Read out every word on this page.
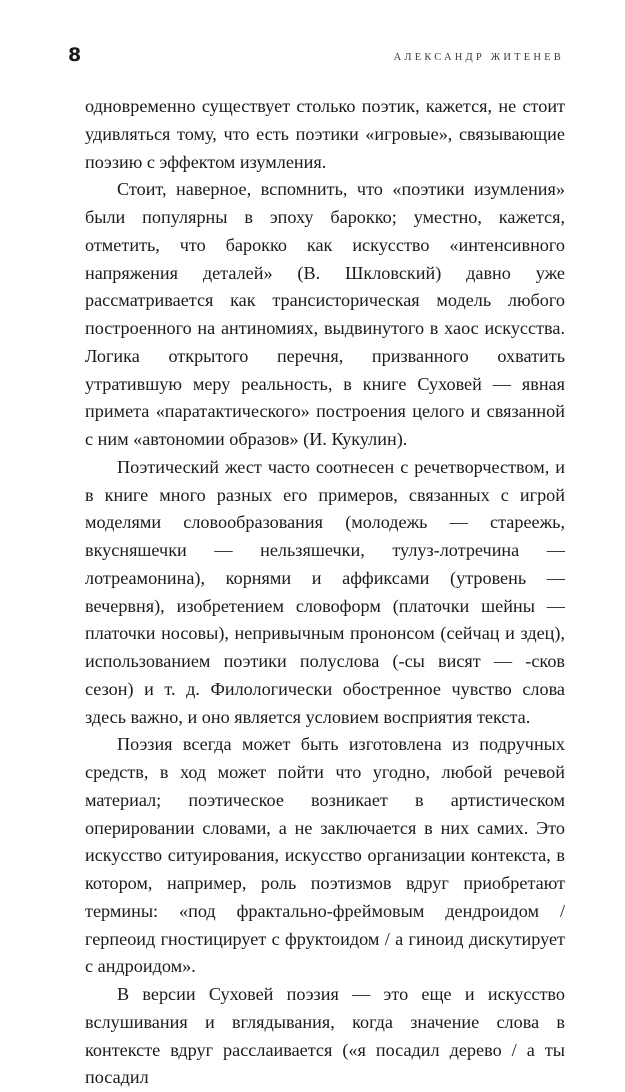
8	АЛЕКСАНДР ЖИТЕНЕВ

одновременно существует столько поэтик, кажется, не стоит удивляться тому, что есть поэтики «игровые», связывающие поэзию с эффектом изумления.

Стоит, наверное, вспомнить, что «поэтики изумления» были популярны в эпоху барокко; уместно, кажется, отметить, что барокко как искусство «интенсивного напряжения деталей» (В. Шкловский) давно уже рассматривается как трансисторическая модель любого построенного на антиномиях, выдвинутого в хаос искусства. Логика открытого перечня, призванного охватить утратившую меру реальность, в книге Суховей — явная примета «паратактического» построения целого и связанной с ним «автономии образов» (И. Кукулин).

Поэтический жест часто соотнесен с речетворчеством, и в книге много разных его примеров, связанных с игрой моделями словообразования (молодежь — стареежь, вкусняшечки — нельзяшечки, тулуз-лотречина — лотреамонина), корнями и аффиксами (утровень — вечервня), изобретением словоформ (платочки шейны — платочки носовы), непривычным прононсом (сейчац и здец), использованием поэтики полуслова (-сы висят — -сков сезон) и т. д. Филологически обостренное чувство слова здесь важно, и оно является условием восприятия текста.

Поэзия всегда может быть изготовлена из подручных средств, в ход может пойти что угодно, любой речевой материал; поэтическое возникает в артистическом оперировании словами, а не заключается в них самих. Это искусство ситуирования, искусство организации контекста, в котором, например, роль поэтизмов вдруг приобретают термины: «под фрактально-фреймовым дендроидом / герпеоид гностицирует с фруктоидом / а гиноид дискутирует с андроидом».

В версии Суховей поэзия — это еще и искусство вслушивания и вглядывания, когда значение слова в контексте вдруг расслаивается («я посадил дерево / а ты посадил
